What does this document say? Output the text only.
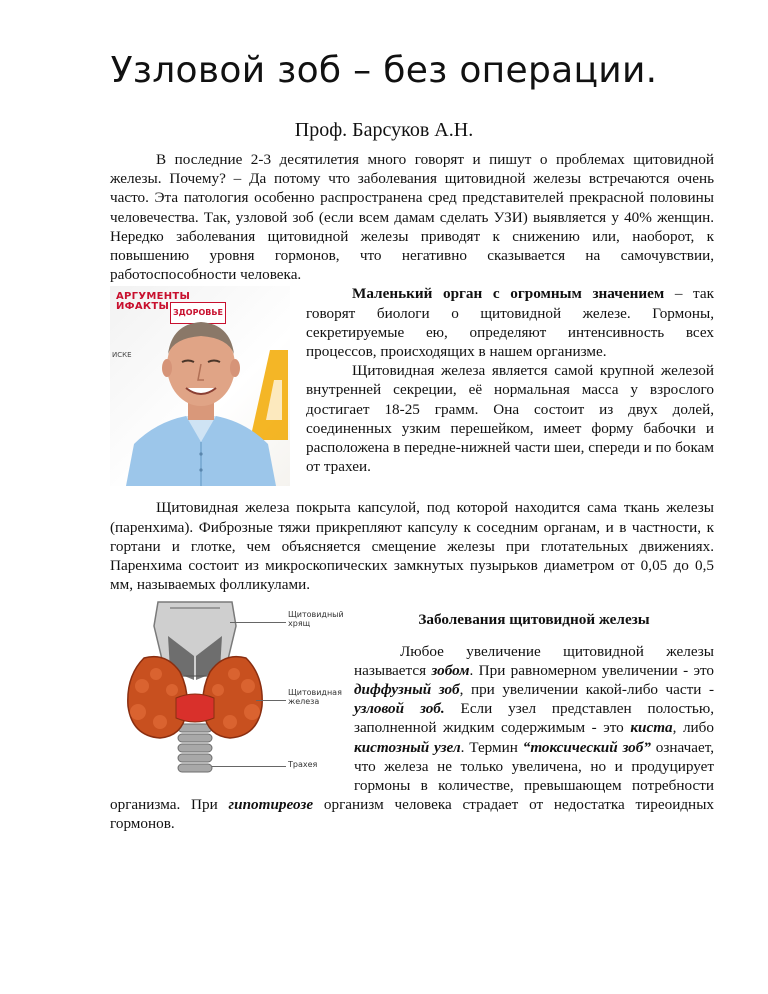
Узловой зоб – без операции.

Проф. Барсуков А.Н.

В последние 2-3 десятилетия много говорят и пишут о проблемах щитовидной железы. Почему? – Да потому что заболевания щитовидной железы встречаются очень часто. Эта патология особенно распространена сред представителей прекрасной половины человечества. Так, узловой зоб (если всем дамам сделать УЗИ) выявляется у 40% женщин. Нередко заболевания щитовидной железы приводят к снижению или, наоборот, к повышению уровня гормонов, что негативно сказывается на самочувствии, работоспособности человека.

АРГУМЕНТЫ
ИФАКТЫ
ЗДОРОВЬЕ
ИСКЕ

Маленький орган с огромным значением – так говорят биологи о щитовидной железе. Гормоны, секретируемые ею, определяют интенсивность всех процессов, происходящих в нашем организме.

Щитовидная железа является самой крупной железой внутренней секреции, её нормальная масса у взрослого достигает 18-25 грамм. Она состоит из двух долей, соединенных узким перешейком, имеет форму бабочки и расположена в передне-нижней части шеи, спереди и по бокам от трахеи.

Щитовидная железа покрыта капсулой, под которой находится сама ткань железы (паренхима). Фиброзные тяжи прикрепляют капсулу к соседним органам, и в частности, к гортани и глотке, чем объясняется смещение железы при глотательных движениях. Паренхима состоит из микроскопических замкнутых пузырьков диаметром от 0,05 до 0,5 мм, называемых фолликулами.

Щитовидный хрящ
Щитовидная железа
Трахея

Заболевания щитовидной железы

Любое увеличение щитовидной железы называется зобом. При равномерном увеличении - это диффузный зоб, при увеличении какой-либо части - узловой зоб. Если узел представлен полостью, заполненной жидким содержимым - это киста, либо кистозный узел. Термин “токсический зоб” означает, что железа не только увеличена, но и продуцирует гормоны в количестве, превышающем потребности организма. При гипотиреозе организм человека страдает от недостатка тиреоидных гормонов.
